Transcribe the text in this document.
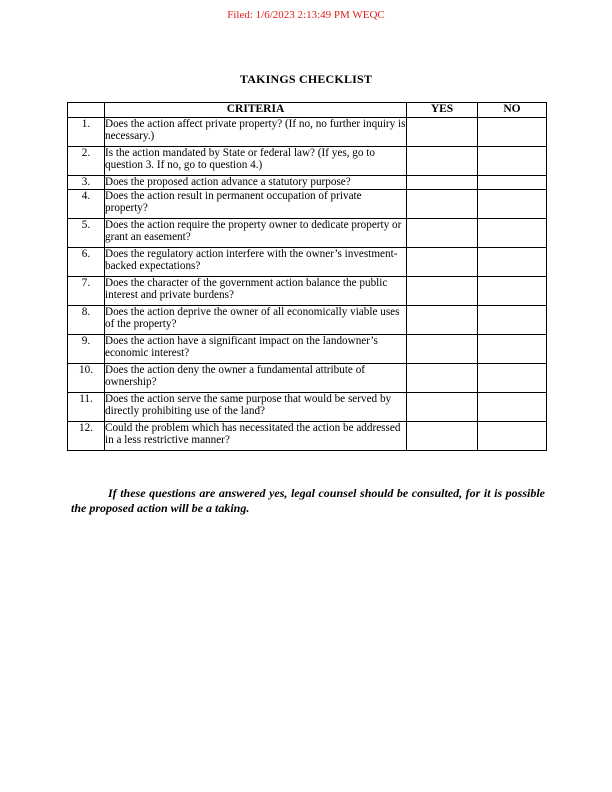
Filed: 1/6/2023 2:13:49 PM WEQC
TAKINGS CHECKLIST
	CRITERIA	YES	NO
1.	Does the action affect private property? (If no, no further inquiry is necessary.)		
2.	Is the action mandated by State or federal law? (If yes, go to question 3. If no, go to question 4.)		
3.	Does the proposed action advance a statutory purpose?		
4.	Does the action result in permanent occupation of private property?		
5.	Does the action require the property owner to dedicate property or grant an easement?		
6.	Does the regulatory action interfere with the owner’s investment-backed expectations?		
7.	Does the character of the government action balance the public interest and private burdens?		
8.	Does the action deprive the owner of all economically viable uses of the property?		
9.	Does the action have a significant impact on the landowner’s economic interest?		
10.	Does the action deny the owner a fundamental attribute of ownership?		
11.	Does the action serve the same purpose that would be served by directly prohibiting use of the land?		
12.	Could the problem which has necessitated the action be addressed in a less restrictive manner?		
If these questions are answered yes, legal counsel should be consulted, for it is possible the proposed action will be a taking.
